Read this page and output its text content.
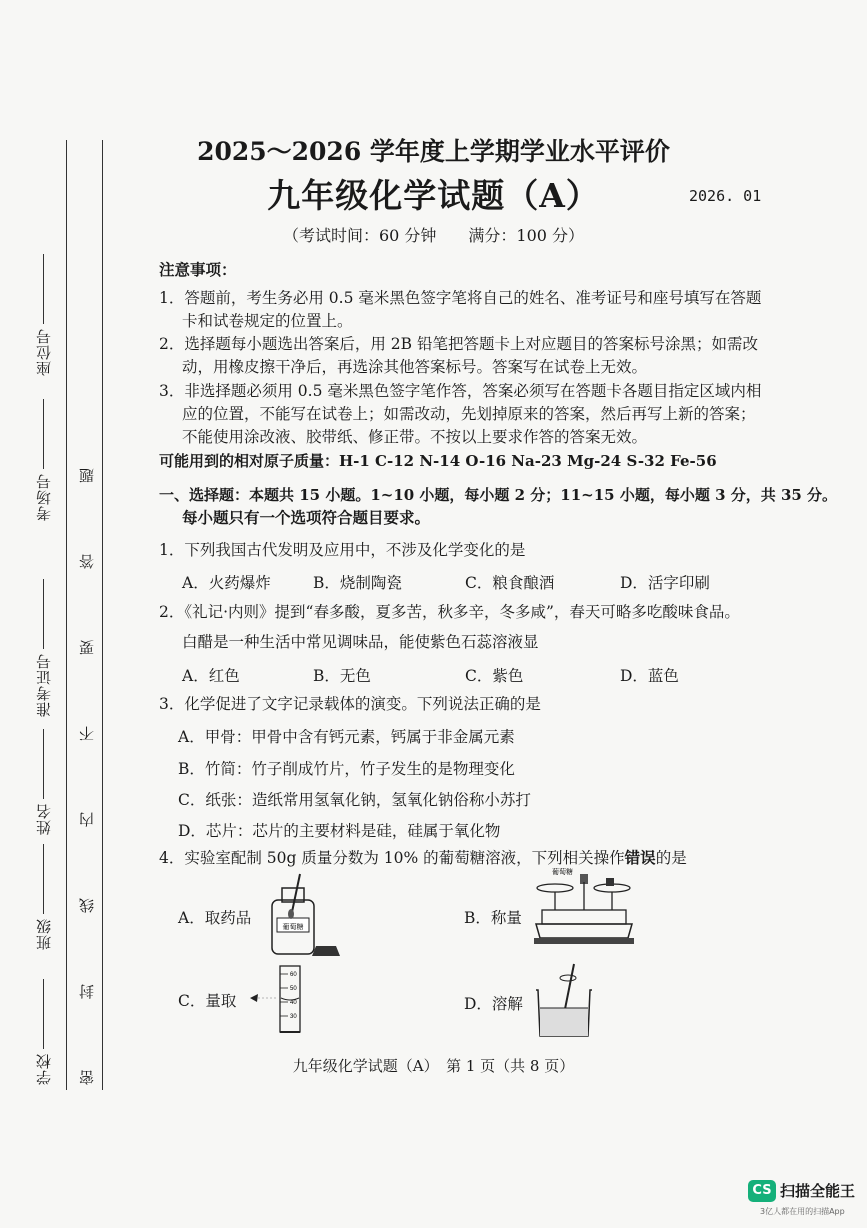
座位号
考场号
准考证号
姓名
班级
学校 密　封　线　内　不　要　答　题
2025～2026 学年度上学期学业水平评价
九年级化学试题（A）	2026. 01
（考试时间：60 分钟　　满分：100 分）
注意事项：
1．答题前，考生务必用 0.5 毫米黑色签字笔将自己的姓名、准考证号和座号填写在答题
卡和试卷规定的位置上。
2．选择题每小题选出答案后，用 2B 铅笔把答题卡上对应题目的答案标号涂黑；如需改
动，用橡皮擦干净后，再选涂其他答案标号。答案写在试卷上无效。
3．非选择题必须用 0.5 毫米黑色签字笔作答，答案必须写在答题卡各题目指定区域内相
应的位置，不能写在试卷上；如需改动，先划掉原来的答案，然后再写上新的答案；
不能使用涂改液、胶带纸、修正带。不按以上要求作答的答案无效。
可能用到的相对原子质量：H-1 C-12 N-14 O-16 Na-23 Mg-24 S-32 Fe-56
一、选择题：本题共 15 小题。1~10 小题，每小题 2 分；11~15 小题，每小题 3 分，共 35 分。
每小题只有一个选项符合题目要求。
1．下列我国古代发明及应用中，不涉及化学变化的是
A．火药爆炸	B．烧制陶瓷	C．粮食酿酒	D．活字印刷
2．《礼记·内则》提到“春多酸，夏多苦，秋多辛，冬多咸”，春天可略多吃酸味食品。
白醋是一种生活中常见调味品，能使紫色石蕊溶液显
A．红色	B．无色	C．紫色	D．蓝色
3．化学促进了文字记录载体的演变。下列说法正确的是
A．甲骨：甲骨中含有钙元素，钙属于非金属元素
B．竹简：竹子削成竹片，竹子发生的是物理变化
C．纸张：造纸常用氢氧化钠，氢氧化钠俗称小苏打
D．芯片：芯片的主要材料是硅，硅属于氧化物
4．实验室配制 50g 质量分数为 10% 的葡萄糖溶液，下列相关操作错误的是
A．取药品	B．称量
C．量取	D．溶解
葡萄糖
葡萄糖
60
50
40
30
九年级化学试题（A）　第 1 页（共 8 页）
CS 扫描全能王
3亿人都在用的扫描App
